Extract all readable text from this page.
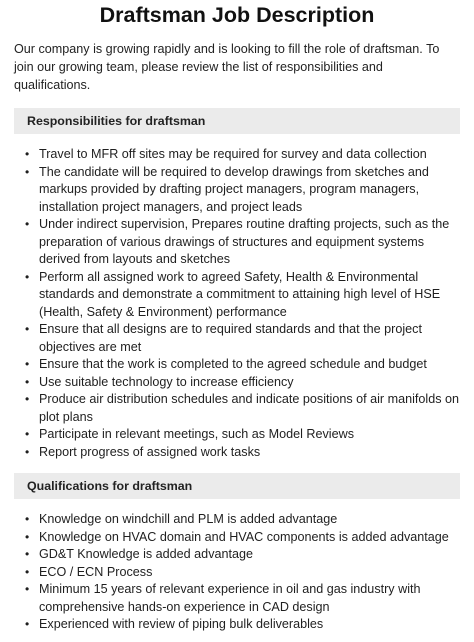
Draftsman Job Description

Our company is growing rapidly and is looking to fill the role of draftsman. To join our growing team, please review the list of responsibilities and qualifications.

Responsibilities for draftsman
• Travel to MFR off sites may be required for survey and data collection
• The candidate will be required to develop drawings from sketches and markups provided by drafting project managers, program managers, installation project managers, and project leads
• Under indirect supervision, Prepares routine drafting projects, such as the preparation of various drawings of structures and equipment systems derived from layouts and sketches
• Perform all assigned work to agreed Safety, Health & Environmental standards and demonstrate a commitment to attaining high level of HSE (Health, Safety & Environment) performance
• Ensure that all designs are to required standards and that the project objectives are met
• Ensure that the work is completed to the agreed schedule and budget
• Use suitable technology to increase efficiency
• Produce air distribution schedules and indicate positions of air manifolds on plot plans
• Participate in relevant meetings, such as Model Reviews
• Report progress of assigned work tasks
Qualifications for draftsman
• Knowledge on windchill and PLM is added advantage
• Knowledge on HVAC domain and HVAC components is added advantage
• GD&T Knowledge is added advantage
• ECO / ECN Process
• Minimum 15 years of relevant experience in oil and gas industry with comprehensive hands-on experience in CAD design
• Experienced with review of piping bulk deliverables
